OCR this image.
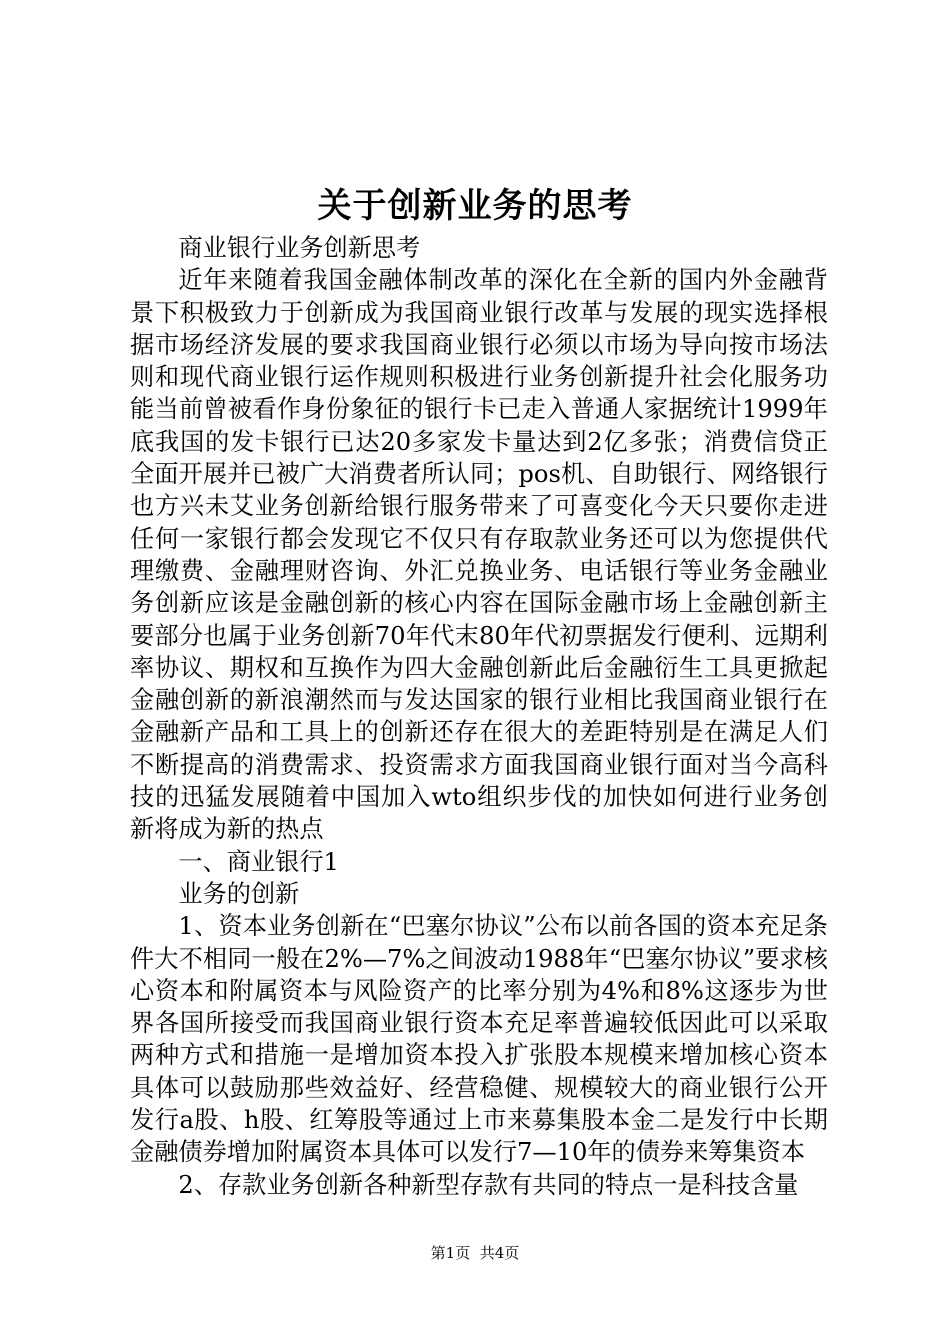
关于创新业务的思考

商业银行业务创新思考

近年来随着我国金融体制改革的深化在全新的国内外金融背景下积极致力于创新成为我国商业银行改革与发展的现实选择根据市场经济发展的要求我国商业银行必须以市场为导向按市场法则和现代商业银行运作规则积极进行业务创新提升社会化服务功能当前曾被看作身份象征的银行卡已走入普通人家据统计1999年底我国的发卡银行已达20多家发卡量达到2亿多张；消费信贷正全面开展并已被广大消费者所认同；pos机、自助银行、网络银行也方兴未艾业务创新给银行服务带来了可喜变化今天只要你走进任何一家银行都会发现它不仅只有存取款业务还可以为您提供代理缴费、金融理财咨询、外汇兑换业务、电话银行等业务金融业务创新应该是金融创新的核心内容在国际金融市场上金融创新主要部分也属于业务创新70年代末80年代初票据发行便利、远期利率协议、期权和互换作为四大金融创新此后金融衍生工具更掀起金融创新的新浪潮然而与发达国家的银行业相比我国商业银行在金融新产品和工具上的创新还存在很大的差距特别是在满足人们不断提高的消费需求、投资需求方面我国商业银行面对当今高科技的迅猛发展随着中国加入wto组织步伐的加快如何进行业务创新将成为新的热点

一、商业银行1

业务的创新

1、资本业务创新在“巴塞尔协议”公布以前各国的资本充足条件大不相同一般在2%—7%之间波动1988年“巴塞尔协议”要求核心资本和附属资本与风险资产的比率分别为4%和8%这逐步为世界各国所接受而我国商业银行资本充足率普遍较低因此可以采取两种方式和措施一是增加资本投入扩张股本规模来增加核心资本具体可以鼓励那些效益好、经营稳健、规模较大的商业银行公开发行a股、h股、红筹股等通过上市来募集股本金二是发行中长期金融债券增加附属资本具体可以发行7—10年的债券来筹集资本

2、存款业务创新各种新型存款有共同的特点一是科技含量

第1页 共4页
